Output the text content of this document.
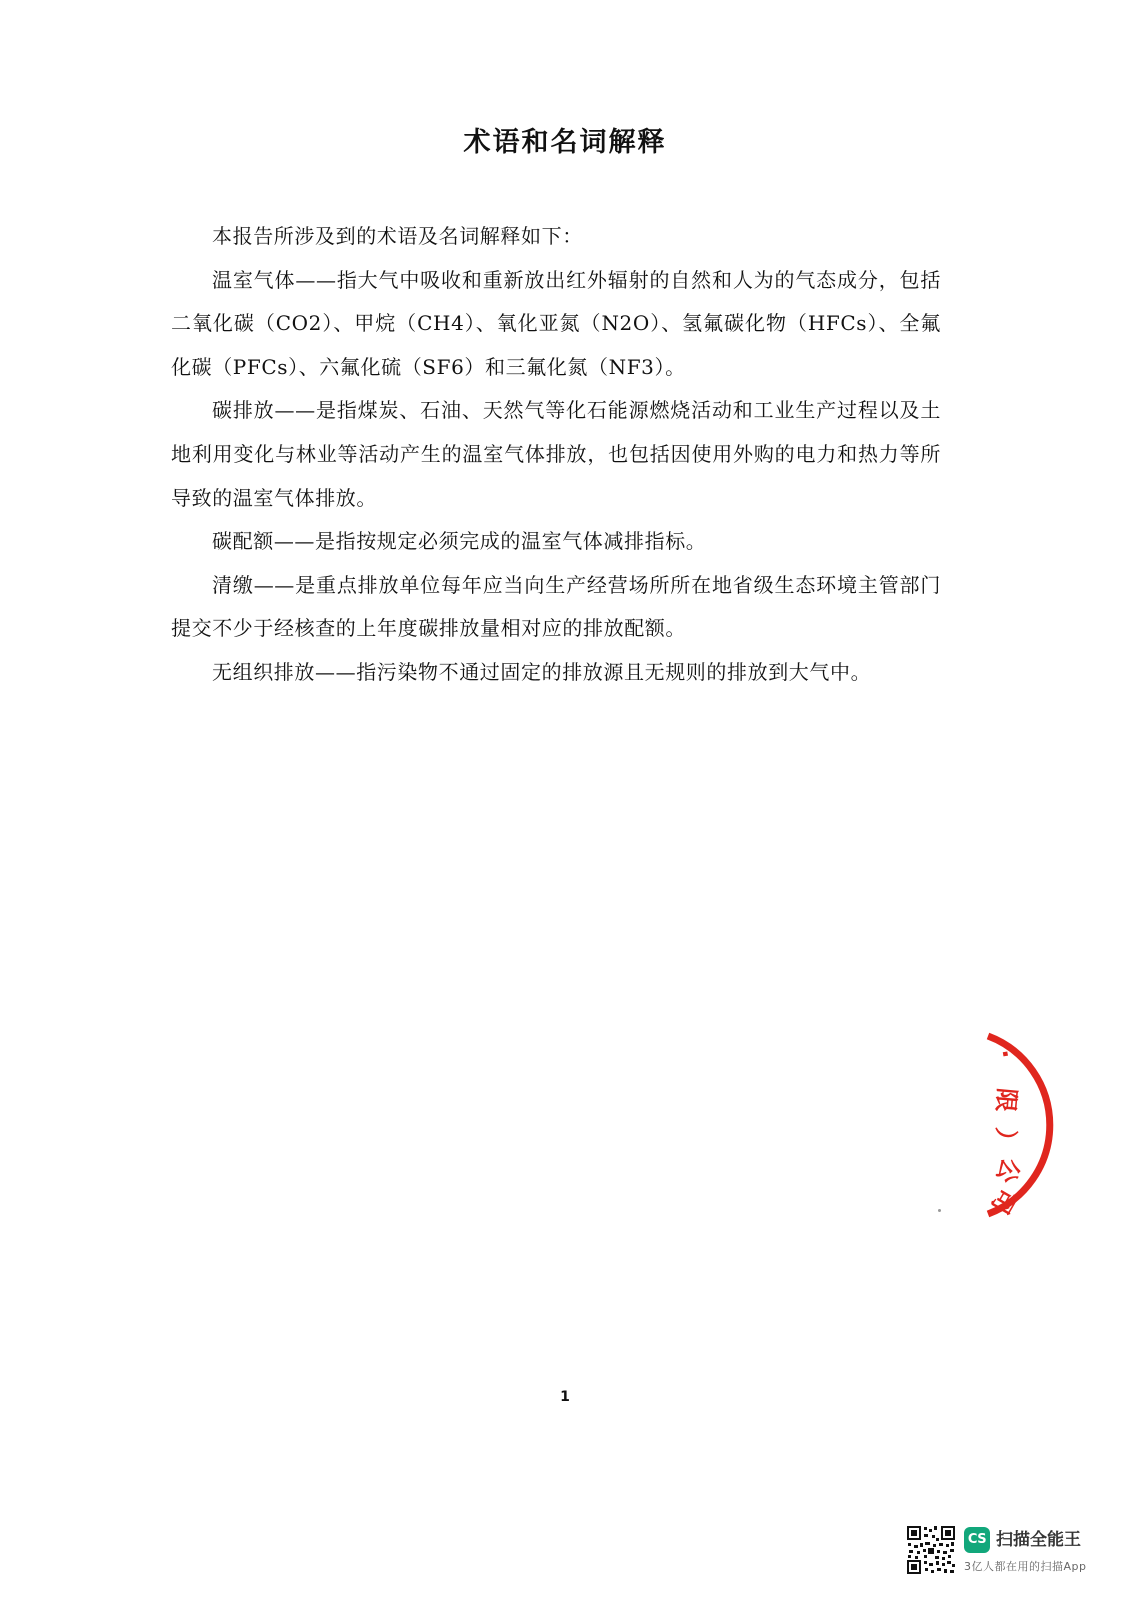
术语和名词解释

本报告所涉及到的术语及名词解释如下：

温室气体——指大气中吸收和重新放出红外辐射的自然和人为的气态成分，包括二氧化碳（CO2）、甲烷（CH4）、氧化亚氮（N2O）、氢氟碳化物（HFCs）、全氟化碳（PFCs）、六氟化硫（SF6）和三氟化氮（NF3）。

碳排放——是指煤炭、石油、天然气等化石能源燃烧活动和工业生产过程以及土地利用变化与林业等活动产生的温室气体排放，也包括因使用外购的电力和热力等所导致的温室气体排放。

碳配额——是指按规定必须完成的温室气体减排指标。

清缴——是重点排放单位每年应当向生产经营场所所在地省级生态环境主管部门提交不少于经核查的上年度碳排放量相对应的排放配额。

无组织排放——指污染物不通过固定的排放源且无规则的排放到大气中。

·
限
）
公
司
1
CS 扫描全能王
3亿人都在用的扫描App
